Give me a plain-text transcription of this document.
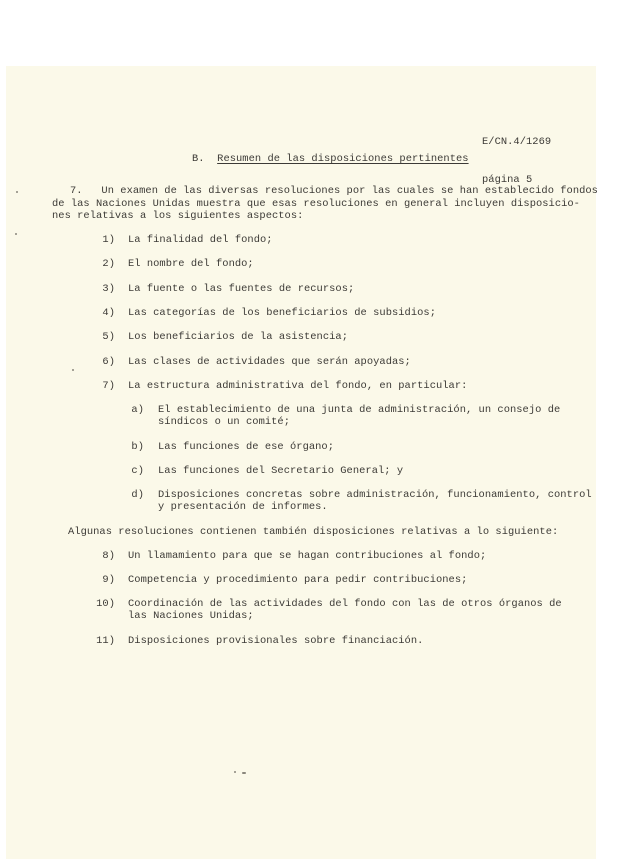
E/CN.4/1269

página 5

B. Resumen de las disposiciones pertinentes
7.   Un examen de las diversas resoluciones por las cuales se han establecido fondos
de las Naciones Unidas muestra que esas resoluciones en general incluyen disposicio-
nes relativas a los siguientes aspectos:
1) La finalidad del fondo;
2) El nombre del fondo;
3) La fuente o las fuentes de recursos;
4) Las categorías de los beneficiarios de subsidios;
5) Los beneficiarios de la asistencia;
6) Las clases de actividades que serán apoyadas;
7) La estructura administrativa del fondo, en particular:
a) El establecimiento de una junta de administración, un consejo de
síndicos o un comité;
b) Las funciones de ese órgano;
c) Las funciones del Secretario General; y
d) Disposiciones concretas sobre administración, funcionamiento, control
y presentación de informes.
Algunas resoluciones contienen también disposiciones relativas a lo siguiente:
8) Un llamamiento para que se hagan contribuciones al fondo;
9) Competencia y procedimiento para pedir contribuciones;
10) Coordinación de las actividades del fondo con las de otros órganos de
las Naciones Unidas;
11) Disposiciones provisionales sobre financiación.
